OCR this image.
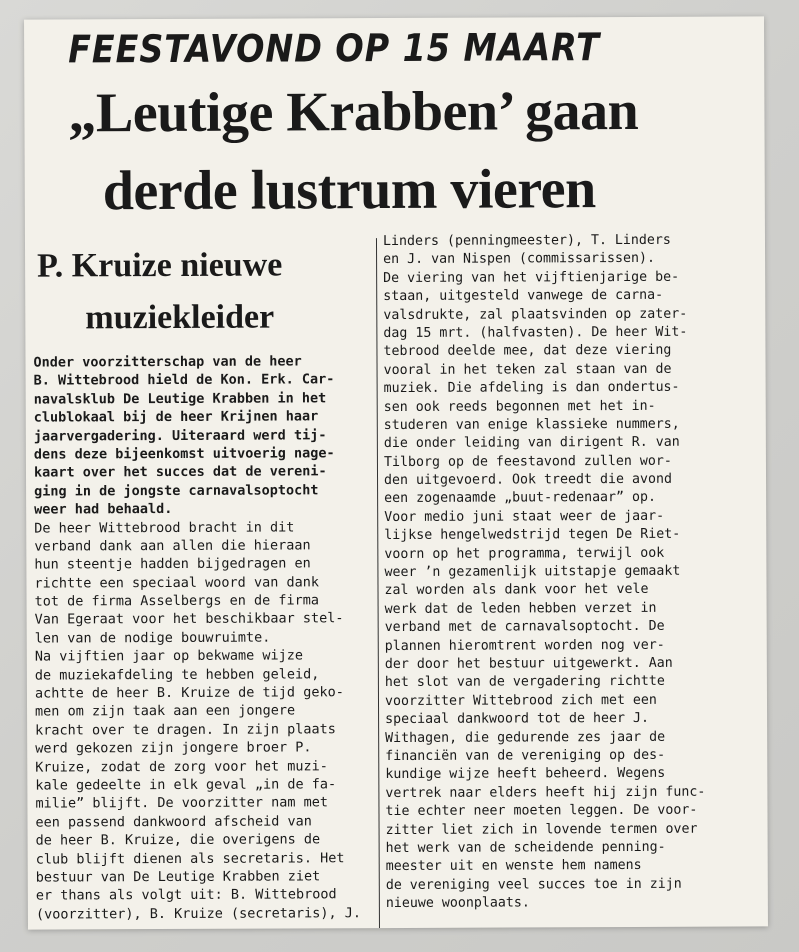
FEESTAVOND OP 15 MAART
„Leutige Krabben’ gaan
derde lustrum vieren
P. Kruize nieuwe
muziekleider
Onder voorzitterschap van de heer
B. Wittebrood hield de Kon. Erk. Car-
navalsklub De Leutige Krabben in het
clublokaal bij de heer Krijnen haar
jaarvergadering. Uiteraard werd tij-
dens deze bijeenkomst uitvoerig nage-
kaart over het succes dat de vereni-
ging in de jongste carnavalsoptocht
weer had behaald.
De heer Wittebrood bracht in dit
verband dank aan allen die hieraan
hun steentje hadden bijgedragen en
richtte een speciaal woord van dank
tot de firma Asselbergs en de firma
Van Egeraat voor het beschikbaar stel-
len van de nodige bouwruimte.
Na vijftien jaar op bekwame wijze
de muziekafdeling te hebben geleid,
achtte de heer B. Kruize de tijd geko-
men om zijn taak aan een jongere
kracht over te dragen. In zijn plaats
werd gekozen zijn jongere broer P.
Kruize, zodat de zorg voor het muzi-
kale gedeelte in elk geval „in de fa-
milie” blijft. De voorzitter nam met
een passend dankwoord afscheid van
de heer B. Kruize, die overigens de
club blijft dienen als secretaris. Het
bestuur van De Leutige Krabben ziet
er thans als volgt uit: B. Wittebrood
(voorzitter), B. Kruize (secretaris), J.
Linders (penningmeester), T. Linders
en J. van Nispen (commissarissen).
De viering van het vijftienjarige be-
staan, uitgesteld vanwege de carna-
valsdrukte, zal plaatsvinden op zater-
dag 15 mrt. (halfvasten). De heer Wit-
tebrood deelde mee, dat deze viering
vooral in het teken zal staan van de
muziek. Die afdeling is dan ondertus-
sen ook reeds begonnen met het in-
studeren van enige klassieke nummers,
die onder leiding van dirigent R. van
Tilborg op de feestavond zullen wor-
den uitgevoerd. Ook treedt die avond
een zogenaamde „buut-redenaar” op.
Voor medio juni staat weer de jaar-
lijkse hengelwedstrijd tegen De Riet-
voorn op het programma, terwijl ook
weer ’n gezamenlijk uitstapje gemaakt
zal worden als dank voor het vele
werk dat de leden hebben verzet in
verband met de carnavalsoptocht. De
plannen hieromtrent worden nog ver-
der door het bestuur uitgewerkt. Aan
het slot van de vergadering richtte
voorzitter Wittebrood zich met een
speciaal dankwoord tot de heer J.
Withagen, die gedurende zes jaar de
financiën van de vereniging op des-
kundige wijze heeft beheerd. Wegens
vertrek naar elders heeft hij zijn func-
tie echter neer moeten leggen. De voor-
zitter liet zich in lovende termen over
het werk van de scheidende penning-
meester uit en wenste hem namens
de vereniging veel succes toe in zijn
nieuwe woonplaats.
